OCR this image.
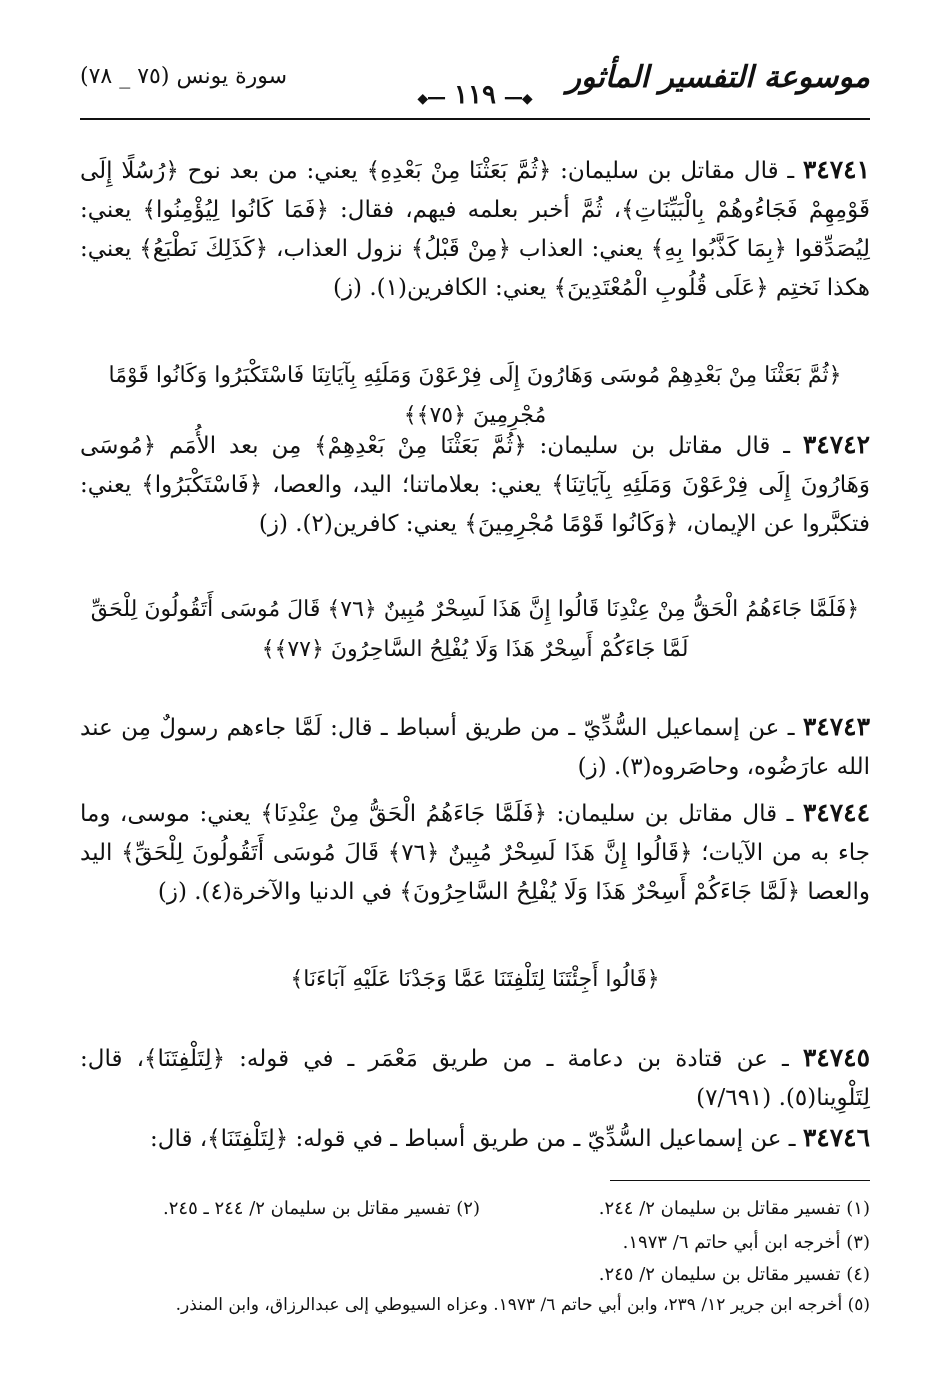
موسوعة التفسير المأثور
◆━━ ١١٩ ━━◆
سورة يونس (٧٥ _ ٧٨)
٣٤٧٤١ ـ قال مقاتل بن سليمان: ﴿ثُمَّ بَعَثْنَا مِنْ بَعْدِهِ﴾ يعني: من بعد نوح ﴿رُسُلًا إِلَى قَوْمِهِمْ فَجَاءُوهُمْ بِالْبَيِّنَاتِ﴾، ثُمَّ أخبر بعلمه فيهم، فقال: ﴿فَمَا كَانُوا لِيُؤْمِنُوا﴾ يعني: لِيُصَدِّقوا ﴿بِمَا كَذَّبُوا بِهِ﴾ يعني: العذاب ﴿مِنْ قَبْلُ﴾ نزول العذاب، ﴿كَذَلِكَ نَطْبَعُ﴾ يعني: هكذا نَختِم ﴿عَلَى قُلُوبِ الْمُعْتَدِينَ﴾ يعني: الكافرين(١). (ز)
﴿ثُمَّ بَعَثْنَا مِنْ بَعْدِهِمْ مُوسَى وَهَارُونَ إِلَى فِرْعَوْنَ وَمَلَئِهِ بِآيَاتِنَا فَاسْتَكْبَرُوا وَكَانُوا قَوْمًا مُجْرِمِينَ ﴿٧٥﴾﴾
٣٤٧٤٢ ـ قال مقاتل بن سليمان: ﴿ثُمَّ بَعَثْنَا مِنْ بَعْدِهِمْ﴾ مِن بعد الأُمَم ﴿مُوسَى وَهَارُونَ إِلَى فِرْعَوْنَ وَمَلَئِهِ بِآيَاتِنَا﴾ يعني: بعلاماتنا؛ اليد، والعصا، ﴿فَاسْتَكْبَرُوا﴾ يعني: فتكبَّروا عن الإيمان، ﴿وَكَانُوا قَوْمًا مُجْرِمِينَ﴾ يعني: كافرين(٢). (ز)
﴿فَلَمَّا جَاءَهُمُ الْحَقُّ مِنْ عِنْدِنَا قَالُوا إِنَّ هَذَا لَسِحْرٌ مُبِينٌ ﴿٧٦﴾ قَالَ مُوسَى أَتَقُولُونَ لِلْحَقِّ لَمَّا جَاءَكُمْ أَسِحْرٌ هَذَا وَلَا يُفْلِحُ السَّاحِرُونَ ﴿٧٧﴾﴾
٣٤٧٤٣ ـ عن إسماعيل السُّدِّيّ ـ من طريق أسباط ـ قال: لَمَّا جاءهم رسولٌ مِن عند الله عارَضُوه، وحاصَروه(٣). (ز)
٣٤٧٤٤ ـ قال مقاتل بن سليمان: ﴿فَلَمَّا جَاءَهُمُ الْحَقُّ مِنْ عِنْدِنَا﴾ يعني: موسى، وما جاء به من الآيات؛ ﴿قَالُوا إِنَّ هَذَا لَسِحْرٌ مُبِينٌ ﴿٧٦﴾ قَالَ مُوسَى أَتَقُولُونَ لِلْحَقِّ﴾ اليد والعصا ﴿لَمَّا جَاءَكُمْ أَسِحْرٌ هَذَا وَلَا يُفْلِحُ السَّاحِرُونَ﴾ في الدنيا والآخرة(٤). (ز)
﴿قَالُوا أَجِئْتَنَا لِتَلْفِتَنَا عَمَّا وَجَدْنَا عَلَيْهِ آبَاءَنَا﴾
٣٤٧٤٥ ـ عن قتادة بن دعامة ـ من طريق مَعْمَر ـ في قوله: ﴿لِتَلْفِتَنَا﴾، قال: لِتَلْوِينا(٥). (٧/٦٩١)
٣٤٧٤٦ ـ عن إسماعيل السُّدِّيّ ـ من طريق أسباط ـ في قوله: ﴿لِتَلْفِتَنَا﴾، قال:
(١) تفسير مقاتل بن سليمان ٢/ ٢٤٤.
(٢) تفسير مقاتل بن سليمان ٢/ ٢٤٤ ـ ٢٤٥.
(٣) أخرجه ابن أبي حاتم ٦/ ١٩٧٣.
(٤) تفسير مقاتل بن سليمان ٢/ ٢٤٥.
(٥) أخرجه ابن جرير ١٢/ ٢٣٩، وابن أبي حاتم ٦/ ١٩٧٣. وعزاه السيوطي إلى عبدالرزاق، وابن المنذر.
